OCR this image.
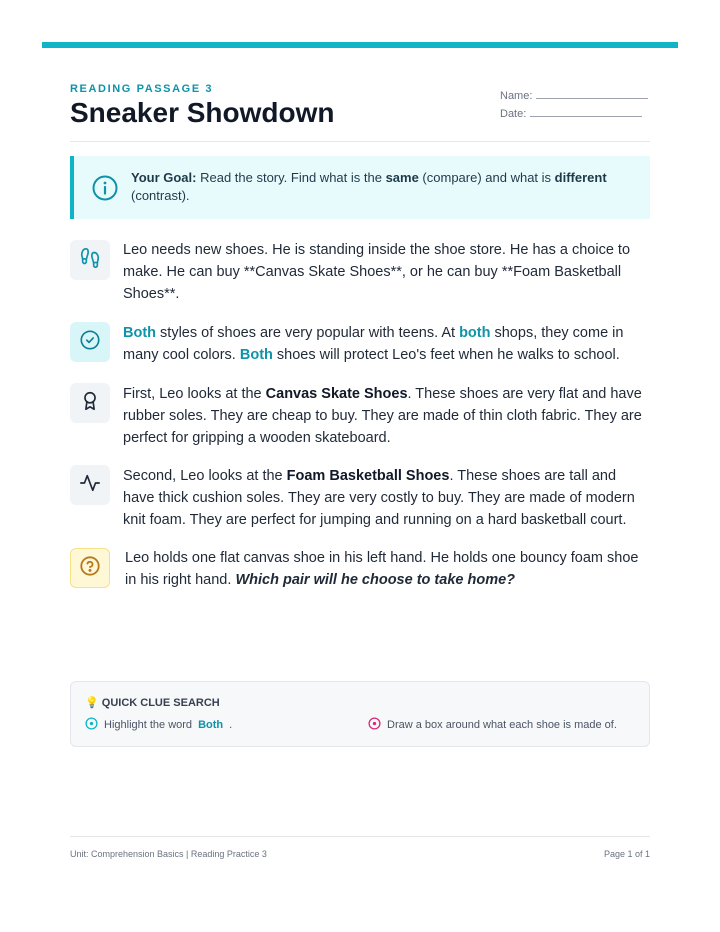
READING PASSAGE 3
Sneaker Showdown
Name:
Date:
Your Goal: Read the story. Find what is the same (compare) and what is different (contrast).
Leo needs new shoes. He is standing inside the shoe store. He has a choice to make. He can buy **Canvas Skate Shoes**, or he can buy **Foam Basketball Shoes**.
Both styles of shoes are very popular with teens. At both shops, they come in many cool colors. Both shoes will protect Leo's feet when he walks to school.
First, Leo looks at the Canvas Skate Shoes. These shoes are very flat and have rubber soles. They are cheap to buy. They are made of thin cloth fabric. They are perfect for gripping a wooden skateboard.
Second, Leo looks at the Foam Basketball Shoes. These shoes are tall and have thick cushion soles. They are very costly to buy. They are made of modern knit foam. They are perfect for jumping and running on a hard basketball court.
Leo holds one flat canvas shoe in his left hand. He holds one bouncy foam shoe in his right hand. Which pair will he choose to take home?
💡 QUICK CLUE SEARCH
Highlight the word Both .	Draw a box around what each shoe is made of.
Unit: Comprehension Basics | Reading Practice 3	Page 1 of 1
